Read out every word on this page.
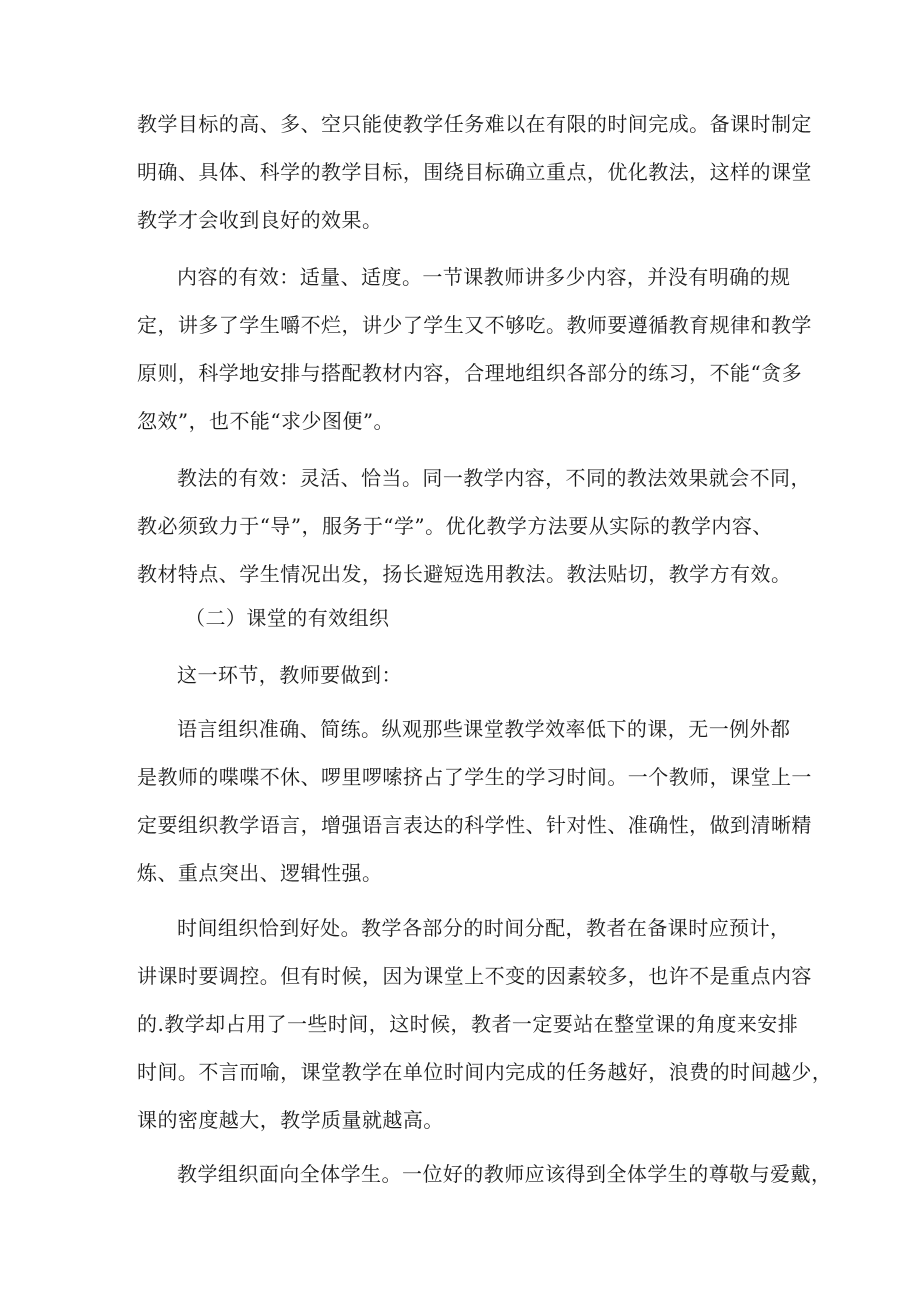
教学目标的高、多、空只能使教学任务难以在有限的时间完成。备课时制定
明确、具体、科学的教学目标，围绕目标确立重点，优化教法，这样的课堂
教学才会收到良好的效果。
内容的有效：适量、适度。一节课教师讲多少内容，并没有明确的规
定，讲多了学生嚼不烂，讲少了学生又不够吃。教师要遵循教育规律和教学
原则，科学地安排与搭配教材内容，合理地组织各部分的练习，不能“贪多
忽效”，也不能“求少图便”。
教法的有效：灵活、恰当。同一教学内容，不同的教法效果就会不同，
教必须致力于“导”，服务于“学”。优化教学方法要从实际的教学内容、
教材特点、学生情况出发，扬长避短选用教法。教法贴切，教学方有效。
（二）课堂的有效组织
这一环节，教师要做到：
语言组织准确、简练。纵观那些课堂教学效率低下的课，无一例外都
是教师的喋喋不休、啰里啰嗦挤占了学生的学习时间。一个教师，课堂上一
定要组织教学语言，增强语言表达的科学性、针对性、准确性，做到清晰精
炼、重点突出、逻辑性强。
时间组织恰到好处。教学各部分的时间分配，教者在备课时应预计，
讲课时要调控。但有时候，因为课堂上不变的因素较多，也许不是重点内容
的.教学却占用了一些时间，这时候，教者一定要站在整堂课的角度来安排
时间。不言而喻，课堂教学在单位时间内完成的任务越好，浪费的时间越少，
课的密度越大，教学质量就越高。
教学组织面向全体学生。一位好的教师应该得到全体学生的尊敬与爱戴，
